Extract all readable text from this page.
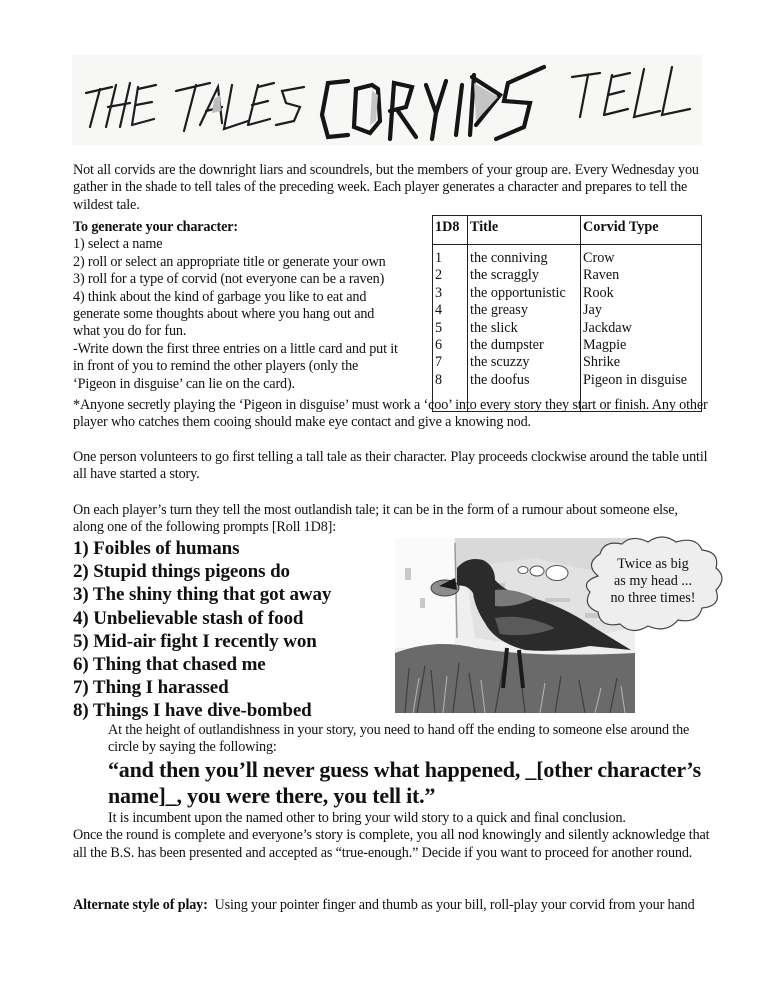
Not all corvids are the downright liars and scoundrels, but the members of your group are. Every Wednesday you gather in the shade to tell tales of the preceding week. Each player generates a character and prepares to tell the wildest tale.
To generate your character:
1) select a name
2) roll or select an appropriate title or generate your own
3) roll for a type of corvid (not everyone can be a raven)
4) think about the kind of garbage you like to eat and
generate some thoughts about where you hang out and
what you do for fun.
-Write down the first three entries on a little card and put it
in front of you to remind the other players (only the
‘Pigeon in disguise’ can lie on the card).
1D8	Title	Corvid Type
1	the conniving	Crow
2	the scraggly	Raven
3	the opportunistic	Rook
4	the greasy	Jay
5	the slick	Jackdaw
6	the dumpster	Magpie
7	the scuzzy	Shrike
8	the doofus	Pigeon in disguise

*Anyone secretly playing the ‘Pigeon in disguise’ must work a ‘coo’ into every story they start or finish. Any other player who catches them cooing should make eye contact and give a knowing nod.
One person volunteers to go first telling a tall tale as their character. Play proceeds clockwise around the table until all have started a story.
On each player’s turn they tell the most outlandish tale; it can be in the form of a rumour about someone else, along one of the following prompts [Roll 1D8]:
1) Foibles of humans
2) Stupid things pigeons do
3) The shiny thing that got away
4) Unbelievable stash of food
5) Mid-air fight I recently won
6) Thing that chased me
7) Thing I harassed
8) Things I have dive-bombed
Twice as big
as my head ...
no three times!
At the height of outlandishness in your story, you need to hand off the ending to someone else around the circle by saying the following:
“and then you’ll never guess what happened, _[other character’s name]_, you were there, you tell it.”
It is incumbent upon the named other to bring your wild story to a quick and final conclusion.
Once the round is complete and everyone’s story is complete, you all nod knowingly and silently acknowledge that all the B.S. has been presented and accepted as “true-enough.” Decide if you want to proceed for another round.
Alternate style of play:  Using your pointer finger and thumb as your bill, roll-play your corvid from your hand
